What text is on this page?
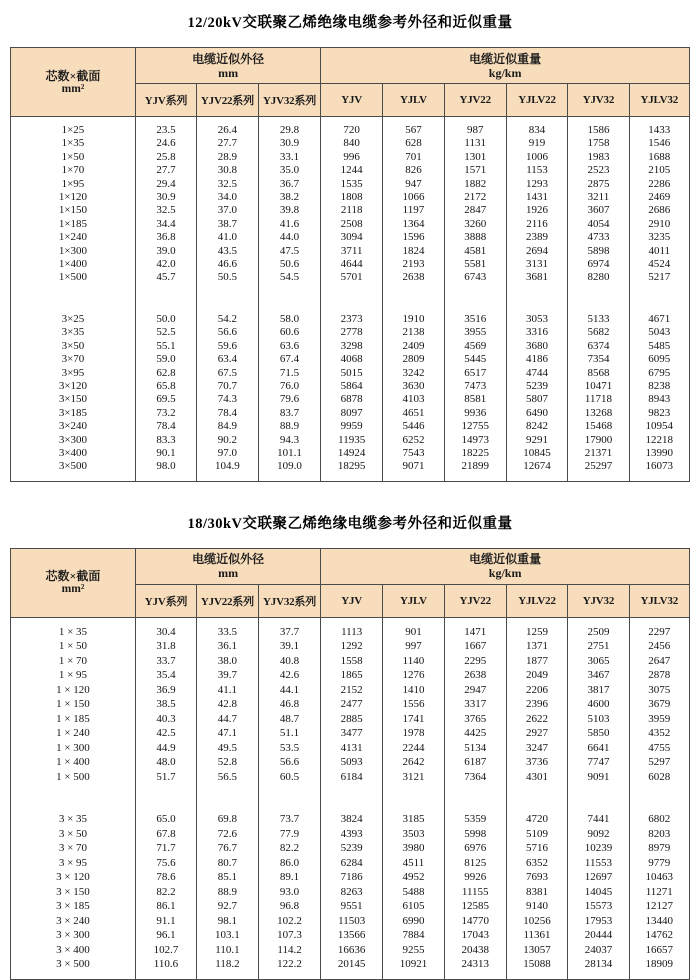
12/20kV交联聚乙烯绝缘电缆参考外径和近似重量
芯数×截面
mm²

电缆近似外径
mm

电缆近似重量
kg/km

	YJV系列	YJV22系列	YJV32系列	YJV	YJLV	YJV22	YJLV22	YJV32	YJLV32
1×25	23.5	26.4	29.8	720	567	987	834	1586	1433
1×35	24.6	27.7	30.9	840	628	1131	919	1758	1546
1×50	25.8	28.9	33.1	996	701	1301	1006	1983	1688
1×70	27.7	30.8	35.0	1244	826	1571	1153	2523	2105
1×95	29.4	32.5	36.7	1535	947	1882	1293	2875	2286
1×120	30.9	34.0	38.2	1808	1066	2172	1431	3211	2469
1×150	32.5	37.0	39.8	2118	1197	2847	1926	3607	2686
1×185	34.4	38.7	41.6	2508	1364	3260	2116	4054	2910
1×240	36.8	41.0	44.0	3094	1596	3888	2389	4733	3235
1×300	39.0	43.5	47.5	3711	1824	4581	2694	5898	4011
1×400	42.0	46.6	50.6	4644	2193	5581	3131	6974	4524
1×500	45.7	50.5	54.5	5701	2638	6743	3681	8280	5217

3×25	50.0	54.2	58.0	2373	1910	3516	3053	5133	4671
3×35	52.5	56.6	60.6	2778	2138	3955	3316	5682	5043
3×50	55.1	59.6	63.6	3298	2409	4569	3680	6374	5485
3×70	59.0	63.4	67.4	4068	2809	5445	4186	7354	6095
3×95	62.8	67.5	71.5	5015	3242	6517	4744	8568	6795
3×120	65.8	70.7	76.0	5864	3630	7473	5239	10471	8238
3×150	69.5	74.3	79.6	6878	4103	8581	5807	11718	8943
3×185	73.2	78.4	83.7	8097	4651	9936	6490	13268	9823
3×240	78.4	84.9	88.9	9959	5446	12755	8242	15468	10954
3×300	83.3	90.2	94.3	11935	6252	14973	9291	17900	12218
3×400	90.1	97.0	101.1	14924	7543	18225	10845	21371	13990
3×500	98.0	104.9	109.0	18295	9071	21899	12674	25297	16073
18/30kV交联聚乙烯绝缘电缆参考外径和近似重量
芯数×截面
mm²

电缆近似外径
mm

电缆近似重量
kg/km

	YJV系列	YJV22系列	YJV32系列	YJV	YJLV	YJV22	YJLV22	YJV32	YJLV32
1 × 35	30.4	33.5	37.7	1113	901	1471	1259	2509	2297
1 × 50	31.8	36.1	39.1	1292	997	1667	1371	2751	2456
1 × 70	33.7	38.0	40.8	1558	1140	2295	1877	3065	2647
1 × 95	35.4	39.7	42.6	1865	1276	2638	2049	3467	2878
1 × 120	36.9	41.1	44.1	2152	1410	2947	2206	3817	3075
1 × 150	38.5	42.8	46.8	2477	1556	3317	2396	4600	3679
1 × 185	40.3	44.7	48.7	2885	1741	3765	2622	5103	3959
1 × 240	42.5	47.1	51.1	3477	1978	4425	2927	5850	4352
1 × 300	44.9	49.5	53.5	4131	2244	5134	3247	6641	4755
1 × 400	48.0	52.8	56.6	5093	2642	6187	3736	7747	5297
1 × 500	51.7	56.5	60.5	6184	3121	7364	4301	9091	6028

3 × 35	65.0	69.8	73.7	3824	3185	5359	4720	7441	6802
3 × 50	67.8	72.6	77.9	4393	3503	5998	5109	9092	8203
3 × 70	71.7	76.7	82.2	5239	3980	6976	5716	10239	8979
3 × 95	75.6	80.7	86.0	6284	4511	8125	6352	11553	9779
3 × 120	78.6	85.1	89.1	7186	4952	9926	7693	12697	10463
3 × 150	82.2	88.9	93.0	8263	5488	11155	8381	14045	11271
3 × 185	86.1	92.7	96.8	9551	6105	12585	9140	15573	12127
3 × 240	91.1	98.1	102.2	11503	6990	14770	10256	17953	13440
3 × 300	96.1	103.1	107.3	13566	7884	17043	11361	20444	14762
3 × 400	102.7	110.1	114.2	16636	9255	20438	13057	24037	16657
3 × 500	110.6	118.2	122.2	20145	10921	24313	15088	28134	18909
